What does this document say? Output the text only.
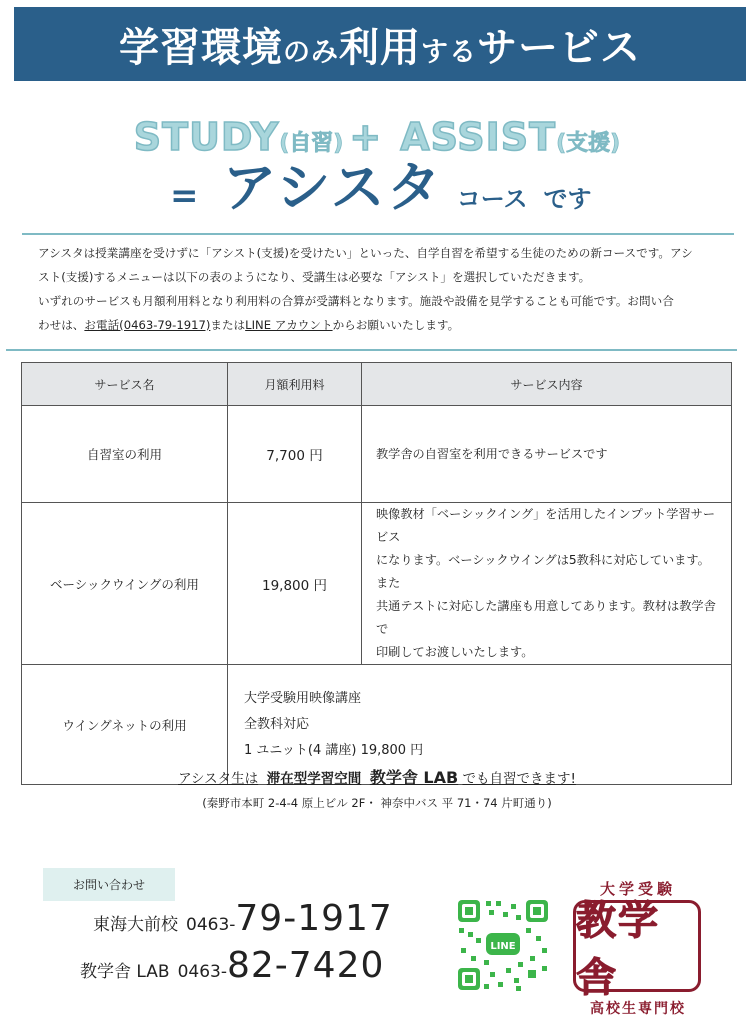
学習環境のみ利用するサービス
STUDY(自習) + ASSIST(支援)
= アシスタ コース です

アシスタは授業講座を受けずに「アシスト(支援)を受けたい」といった、自学自習を希望する生徒のための新コースです。アシ

スト(支援)するメニューは以下の表のようになり、受講生は必要な「アシスト」を選択していただきます。

いずれのサービスも月額利用料となり利用料の合算が受講料となります。施設や設備を見学することも可能です。お問い合

わせは、お電話(0463-79-1917)またはLINE アカウントからお願いいたします。

サービス名	月額利用料	サービス内容
自習室の利用	7,700 円	教学舎の自習室を利用できるサービスです
ベーシックウイングの利用	19,800 円	映像教材「ベーシックイング」を活用したインプット学習サービス
になります。ベーシックウイングは5教科に対応しています。また
共通テストに対応した講座も用意してあります。教材は教学舎で
印刷してお渡しいたします。

ウイングネットの利用	大学受験用映像講座
全教科対応
1 ユニット(4 講座) 19,800 円	
アシスタ生は 滞在型学習空間 教学舎 LAB でも自習できます!
(秦野市本町 2-4-4 原上ビル 2F・ 神奈中バス 平 71・74 片町通り)
お問い合わせ
東海大前校 0463- 79-1917
教学舎 LAB 0463- 82-7420	LINE
大学受験
教学舎
高校生専門校
